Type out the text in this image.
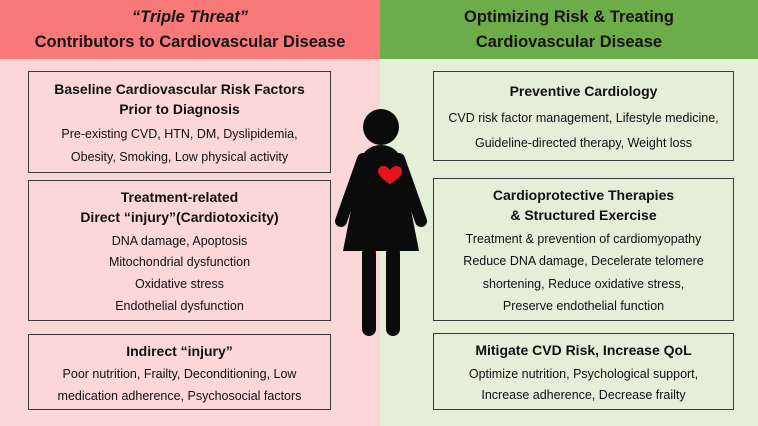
“Triple Threat”
Contributors to Cardiovascular Disease
Optimizing Risk & Treating
Cardiovascular Disease
Baseline Cardiovascular Risk Factors
Prior to Diagnosis
Pre-existing CVD, HTN, DM, Dyslipidemia,
Obesity, Smoking, Low physical activity
Treatment-related
Direct “injury”(Cardiotoxicity)
DNA damage, Apoptosis
Mitochondrial dysfunction
Oxidative stress
Endothelial dysfunction
Indirect “injury”
Poor nutrition, Frailty, Deconditioning, Low
medication adherence, Psychosocial factors
Preventive Cardiology
CVD risk factor management, Lifestyle medicine,
Guideline-directed therapy, Weight loss
Cardioprotective Therapies
& Structured Exercise
Treatment & prevention of cardiomyopathy
Reduce DNA damage, Decelerate telomere
shortening, Reduce oxidative stress,
Preserve endothelial function
Mitigate CVD Risk, Increase QoL
Optimize nutrition, Psychological support,
Increase adherence, Decrease frailty
